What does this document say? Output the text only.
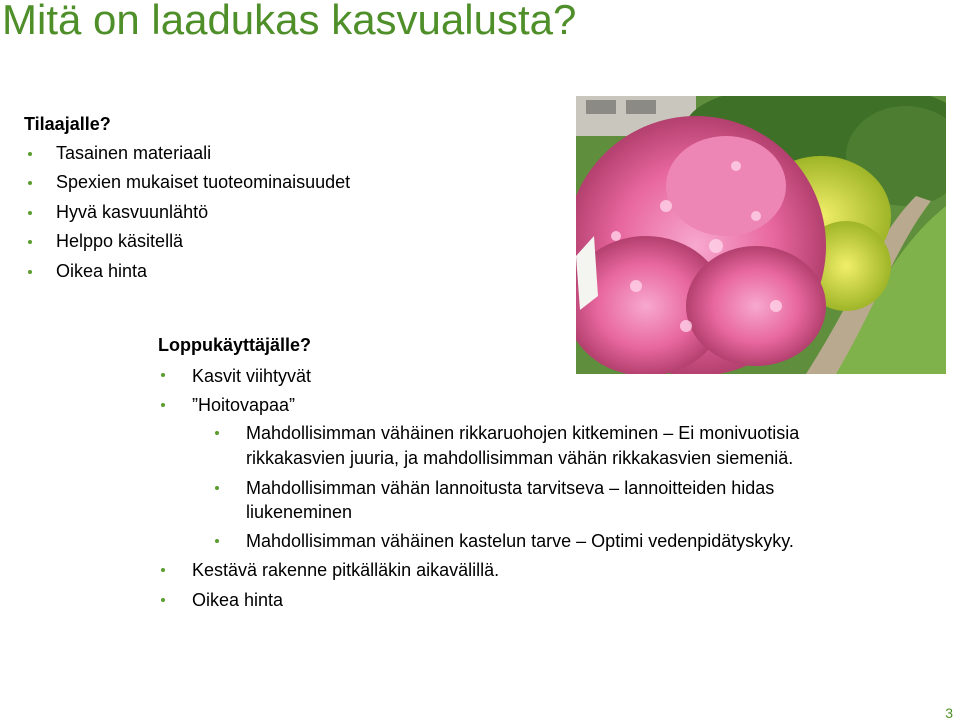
Mitä on laadukas kasvualusta?
Tilaajalle?
Tasainen materiaali
Spexien mukaiset tuoteominaisuudet
Hyvä kasvuunlähtö
Helppo käsitellä
Oikea hinta
Loppukäyttäjälle?
Kasvit viihtyvät
”Hoitovapaa”
Mahdollisimman vähäinen rikkaruohojen kitkeminen – Ei monivuotisia
rikkakasvien juuria, ja mahdollisimman vähän rikkakasvien siemeniä.
Mahdollisimman vähän lannoitusta tarvitseva – lannoitteiden hidas
liukeneminen
Mahdollisimman vähäinen kastelun tarve – Optimi vedenpidätyskyky.
Kestävä rakenne pitkälläkin aikavälillä.
Oikea hinta
3
